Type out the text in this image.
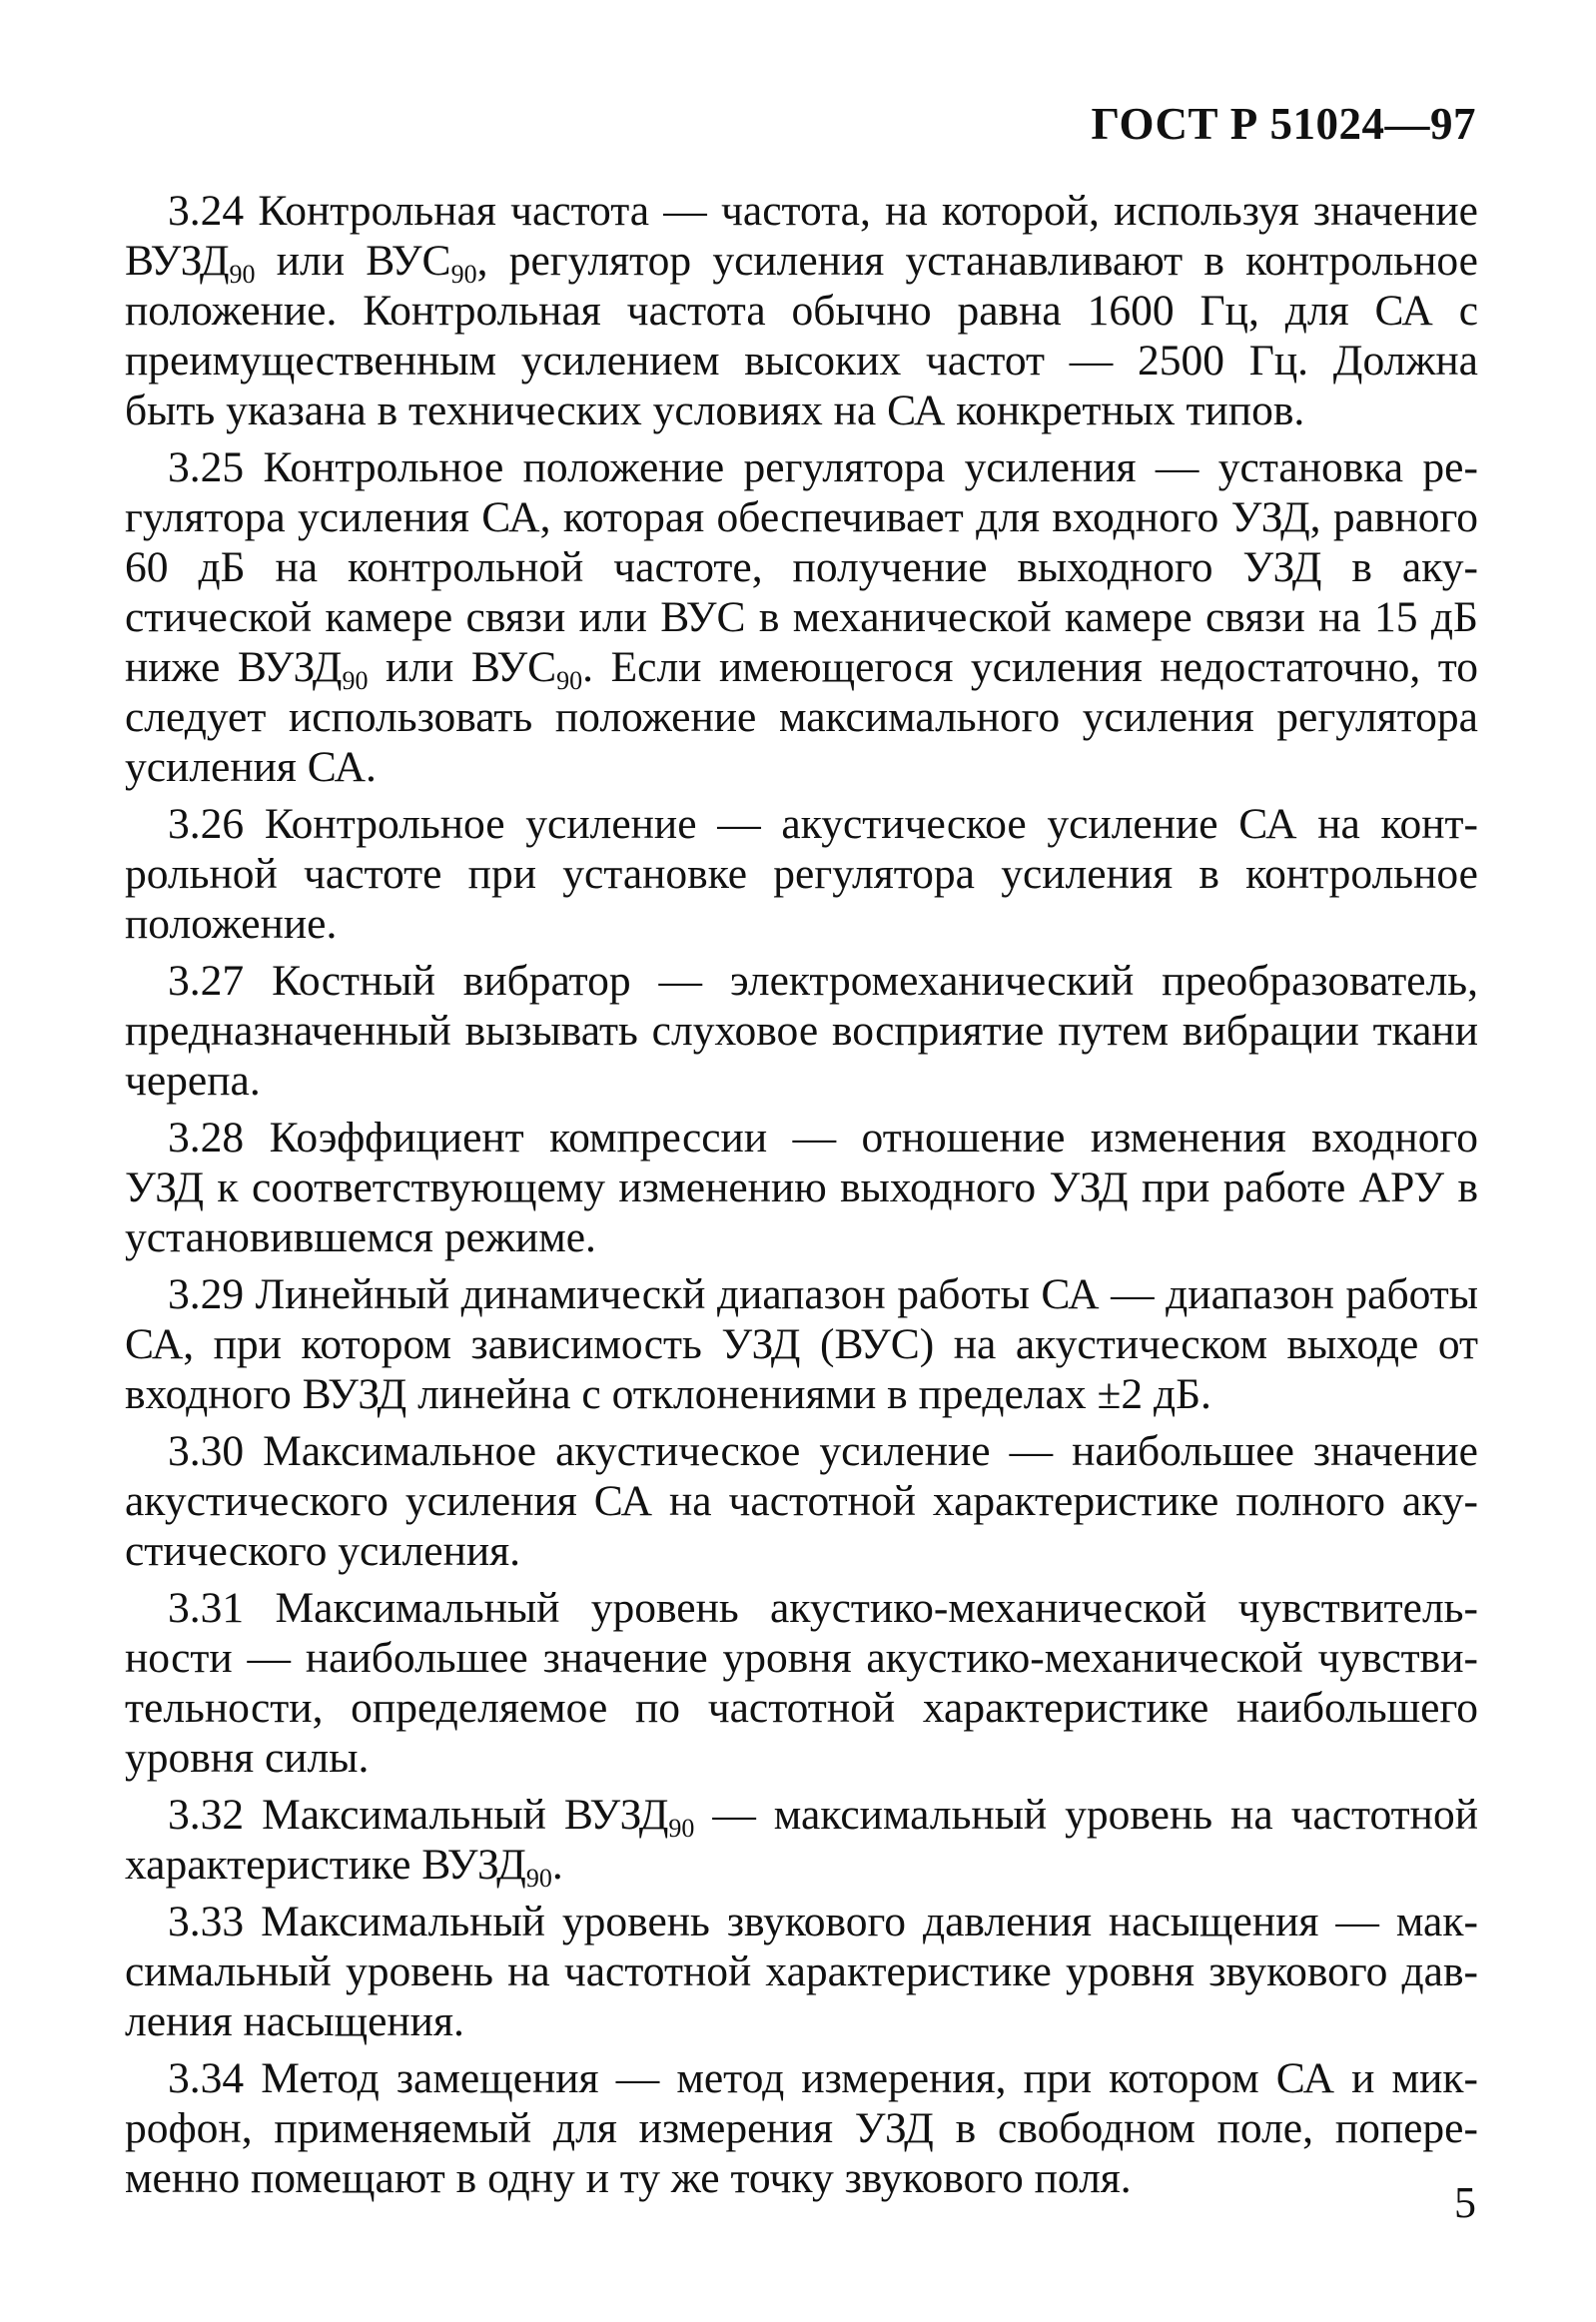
ГОСТ Р 51024—97

3.24 Контрольная частота — частота, на которой, используя значение $ВУЗД_{90}$ или $ВУС_{90}$, регулятор усиления устанавливают в контрольное положение. Контрольная частота обычно равна 1600 Гц, для СА с преимущественным усилением высоких частот — 2500 Гц. Должна быть указана в технических условиях на СА конкретных типов.

3.25 Контрольное положение регулятора усиления — установка регулятора усиления СА, которая обеспечивает для входного УЗД, равного 60 дБ на контрольной частоте, получение выходного УЗД в акустической камере связи или ВУС в механической камере связи на 15 дБ ниже $ВУЗД_{90}$ или $ВУС_{90}$. Если имеющегося усиления недостаточно, то следует использовать положение максимального усиления регулятора усиления СА.

3.26 Контрольное усиление — акустическое усиление СА на контрольной частоте при установке регулятора усиления в контрольное положение.

3.27 Костный вибратор — электромеханический преобразователь, предназначенный вызывать слуховое восприятие путем вибрации ткани черепа.

3.28 Коэффициент компрессии — отношение изменения входного УЗД к соответствующему изменению выходного УЗД при работе АРУ в установившемся режиме.

3.29 Линейный динамическй диапазон работы СА — диапазон работы СА, при котором зависимость УЗД (ВУС) на акустическом выходе от входного ВУЗД линейна с отклонениями в пределах ±2 дБ.

3.30 Максимальное акустическое усиление — наибольшее значение акустического усиления СА на частотной характеристике полного акустического усиления.

3.31 Максимальный уровень акустико-механической чувствительности — наибольшее значение уровня акустико-механической чувствительности, определяемое по частотной характеристике наибольшего уровня силы.

3.32 Максимальный $ВУЗД_{90}$ — максимальный уровень на частотной характеристике $ВУЗД_{90}$.

3.33 Максимальный уровень звукового давления насыщения — максимальный уровень на частотной характеристике уровня звукового давления насыщения.

3.34 Метод замещения — метод измерения, при котором СА и микрофон, применяемый для измерения УЗД в свободном поле, попеременно помещают в одну и ту же точку звукового поля.	5
